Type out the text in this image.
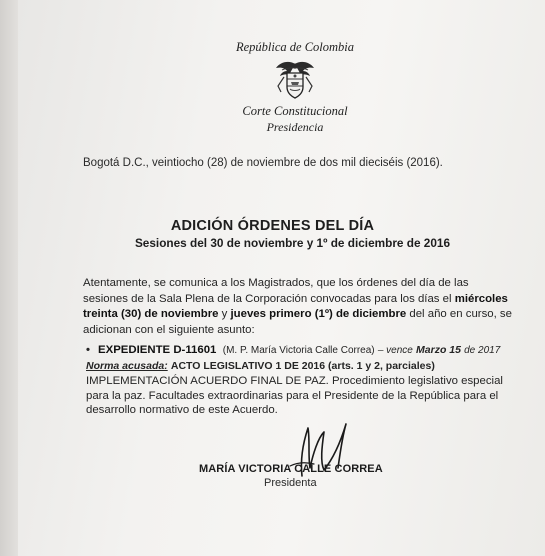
República de Colombia
Corte Constitucional
Presidencia
Bogotá D.C., veintiocho (28) de noviembre de dos mil dieciséis (2016).
ADICIÓN ÓRDENES DEL DÍA
Sesiones del 30 de noviembre y 1º de diciembre de 2016
Atentamente, se comunica a los Magistrados, que los órdenes del día de las sesiones de la Sala Plena de la Corporación convocadas para los días el miércoles treinta (30) de noviembre y jueves primero (1º) de diciembre del año en curso, se adicionan con el siguiente asunto:
• EXPEDIENTE D-11601 (M. P. María Victoria Calle Correa) – vence Marzo 15 de 2017
Norma acusada: ACTO LEGISLATIVO 1 DE 2016 (arts. 1 y 2, parciales)
IMPLEMENTACIÓN ACUERDO FINAL DE PAZ. Procedimiento legislativo especial para la paz. Facultades extraordinarias para el Presidente de la República para el desarrollo normativo de este Acuerdo.
MARÍA VICTORIA CALLE CORREA
Presidenta
